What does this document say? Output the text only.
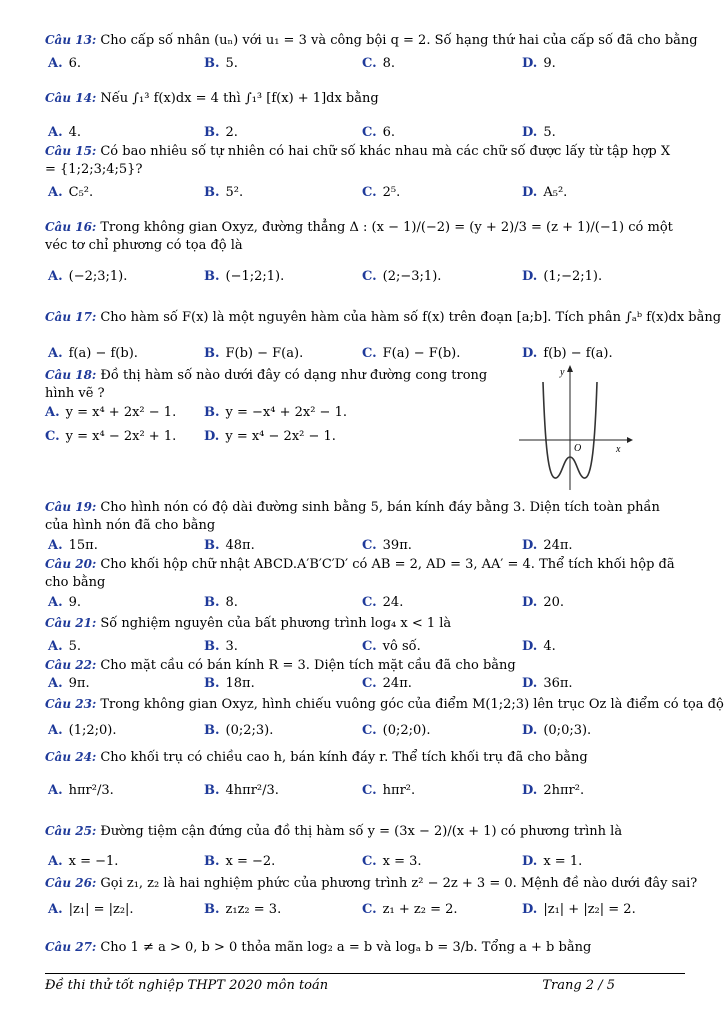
Câu 13: Cho cấp số nhân (uₙ) với u₁ = 3 và công bội q = 2. Số hạng thứ hai của cấp số đã cho bằng
A. 6.	B. 5.	C. 8.	D. 9.
Câu 14: Nếu ∫₁³ f(x)dx = 4 thì ∫₁³ [f(x) + 1]dx bằng
A. 4.	B. 2.	C. 6.	D. 5.
Câu 15: Có bao nhiêu số tự nhiên có hai chữ số khác nhau mà các chữ số được lấy từ tập hợp X = {1;2;3;4;5}?
A. C₅².	B. 5².	C. 2⁵.	D. A₅².
Câu 16: Trong không gian Oxyz, đường thẳng Δ : (x − 1)/(−2) = (y + 2)/3 = (z + 1)/(−1) có một véc tơ chỉ phương có tọa độ là
A. (−2;3;1).	B. (−1;2;1).	C. (2;−3;1).	D. (1;−2;1).
Câu 17: Cho hàm số F(x) là một nguyên hàm của hàm số f(x) trên đoạn [a;b]. Tích phân ∫ₐᵇ f(x)dx bằng
A. f(a) − f(b).	B. F(b) − F(a).	C. F(a) − F(b).	D. f(b) − f(a).
Câu 18: Đồ thị hàm số nào dưới đây có dạng như đường cong trong hình vẽ ?
A. y = x⁴ + 2x² − 1. B. y = −x⁴ + 2x² − 1.
C. y = x⁴ − 2x² + 1. D. y = x⁴ − 2x² − 1.
y
x
O
Câu 19: Cho hình nón có độ dài đường sinh bằng 5, bán kính đáy bằng 3. Diện tích toàn phần của hình nón đã cho bằng
A. 15π.	B. 48π.	C. 39π.	D. 24π.
Câu 20: Cho khối hộp chữ nhật ABCD.A′B′C′D′ có AB = 2, AD = 3, AA′ = 4. Thể tích khối hộp đã cho bằng
A. 9.	B. 8.	C. 24.	D. 20.
Câu 21: Số nghiệm nguyên của bất phương trình log₄ x < 1 là
A. 5.	B. 3.	C. vô số.	D. 4.
Câu 22: Cho mặt cầu có bán kính R = 3. Diện tích mặt cầu đã cho bằng
A. 9π.	B. 18π.	C. 24π.	D. 36π.
Câu 23: Trong không gian Oxyz, hình chiếu vuông góc của điểm M(1;2;3) lên trục Oz là điểm có tọa độ
A. (1;2;0).	B. (0;2;3).	C. (0;2;0).	D. (0;0;3).
Câu 24: Cho khối trụ có chiều cao h, bán kính đáy r. Thể tích khối trụ đã cho bằng
A. hπr²/3.	B. 4hπr²/3.	C. hπr².	D. 2hπr².
Câu 25: Đường tiệm cận đứng của đồ thị hàm số y = (3x − 2)/(x + 1) có phương trình là
A. x = −1.	B. x = −2.	C. x = 3.	D. x = 1.
Câu 26: Gọi z₁, z₂ là hai nghiệm phức của phương trình z² − 2z + 3 = 0. Mệnh đề nào dưới đây sai?
A. |z₁| = |z₂|.	B. z₁z₂ = 3.	C. z₁ + z₂ = 2.	D. |z₁| + |z₂| = 2.
Câu 27: Cho 1 ≠ a > 0, b > 0 thỏa mãn log₂ a = b và logₐ b = 3/b. Tổng a + b bằng
Đề thi thử tốt nghiệp THPT 2020 môn toán	Trang 2 / 5
